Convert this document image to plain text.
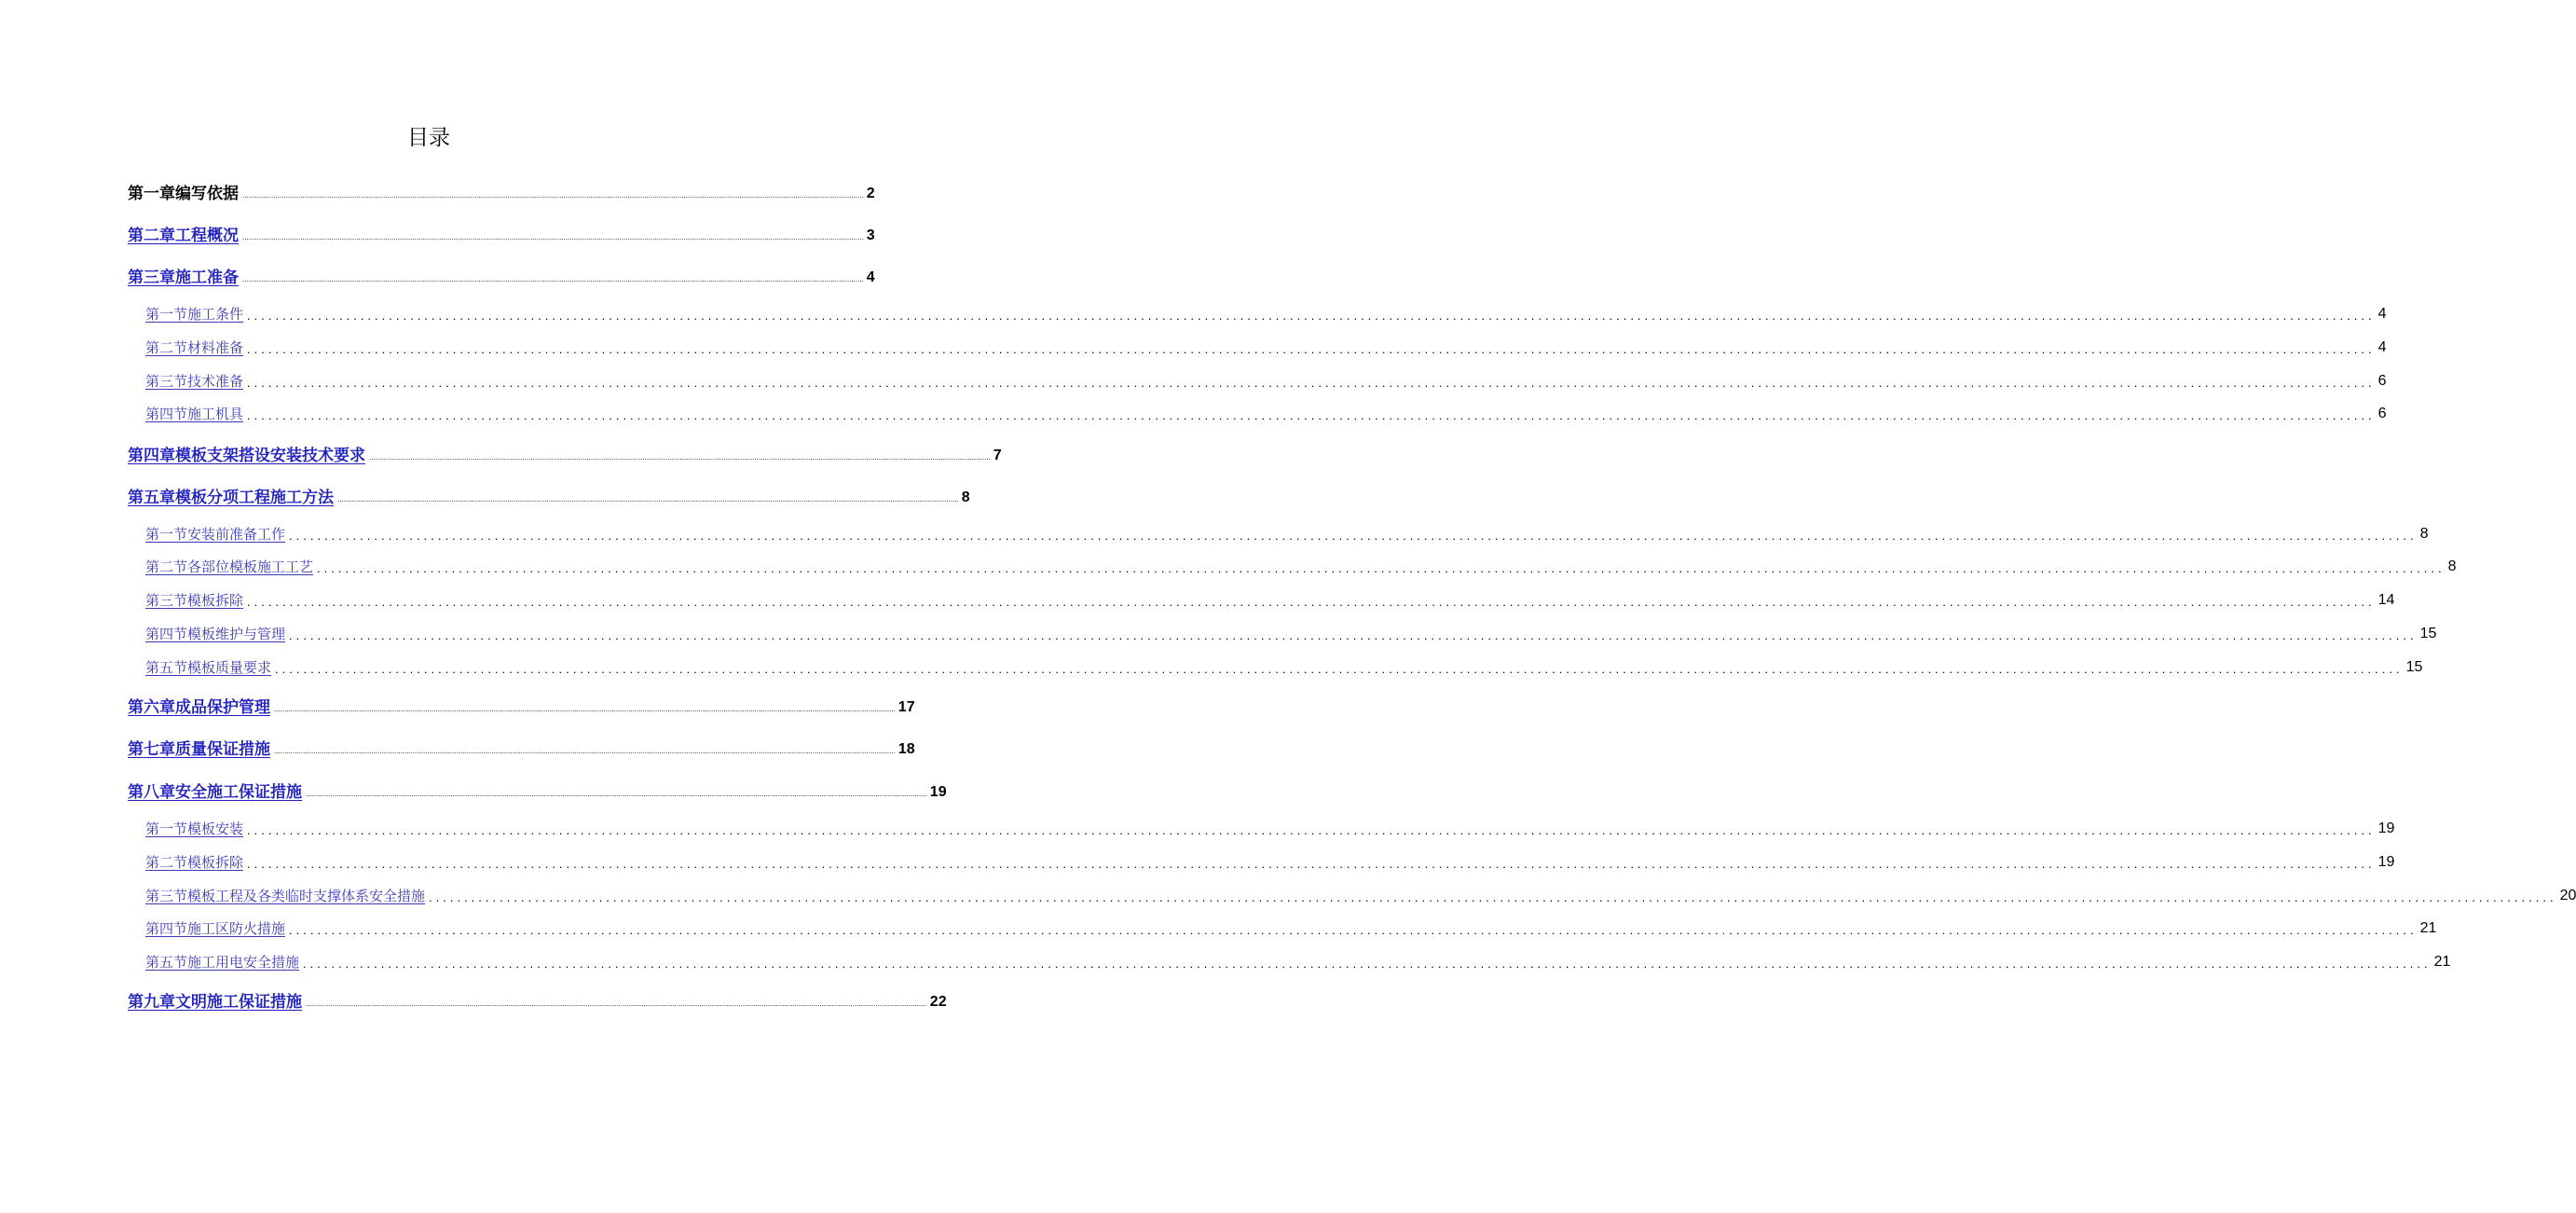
目录
第一章编写依据 ............................................................................................................................................................................................................................................................................................................ 2
第二章工程概况 ............................................................................................................................................................................................................................................................................................................ 3
第三章施工准备 ............................................................................................................................................................................................................................................................................................................ 4
第一节施工条件 ............................................................................................................................................................................................................................................................................................................ 4
第二节材料准备 ............................................................................................................................................................................................................................................................................................................ 4
第三节技术准备 ............................................................................................................................................................................................................................................................................................................ 6
第四节施工机具 ............................................................................................................................................................................................................................................................................................................ 6
第四章模板支架搭设安装技术要求 ............................................................................................................................................................................................................................................................................................................ 7
第五章模板分项工程施工方法 ............................................................................................................................................................................................................................................................................................................ 8
第一节安装前准备工作 ............................................................................................................................................................................................................................................................................................................ 8
第二节各部位模板施工工艺 ............................................................................................................................................................................................................................................................................................................ 8
第三节模板拆除 ............................................................................................................................................................................................................................................................................................................ 14
第四节模板维护与管理 ............................................................................................................................................................................................................................................................................................................ 15
第五节模板质量要求 ............................................................................................................................................................................................................................................................................................................ 15
第六章成品保护管理 ............................................................................................................................................................................................................................................................................................................ 17
第七章质量保证措施 ............................................................................................................................................................................................................................................................................................................ 18
第八章安全施工保证措施 ............................................................................................................................................................................................................................................................................................................ 19
第一节模板安装 ............................................................................................................................................................................................................................................................................................................ 19
第二节模板拆除 ............................................................................................................................................................................................................................................................................................................ 19
第三节模板工程及各类临时支撑体系安全措施 ............................................................................................................................................................................................................................................................................................................ 20
第四节施工区防火措施 ............................................................................................................................................................................................................................................................................................................ 21
第五节施工用电安全措施 ............................................................................................................................................................................................................................................................................................................ 21
第九章文明施工保证措施 ............................................................................................................................................................................................................................................................................................................ 22
